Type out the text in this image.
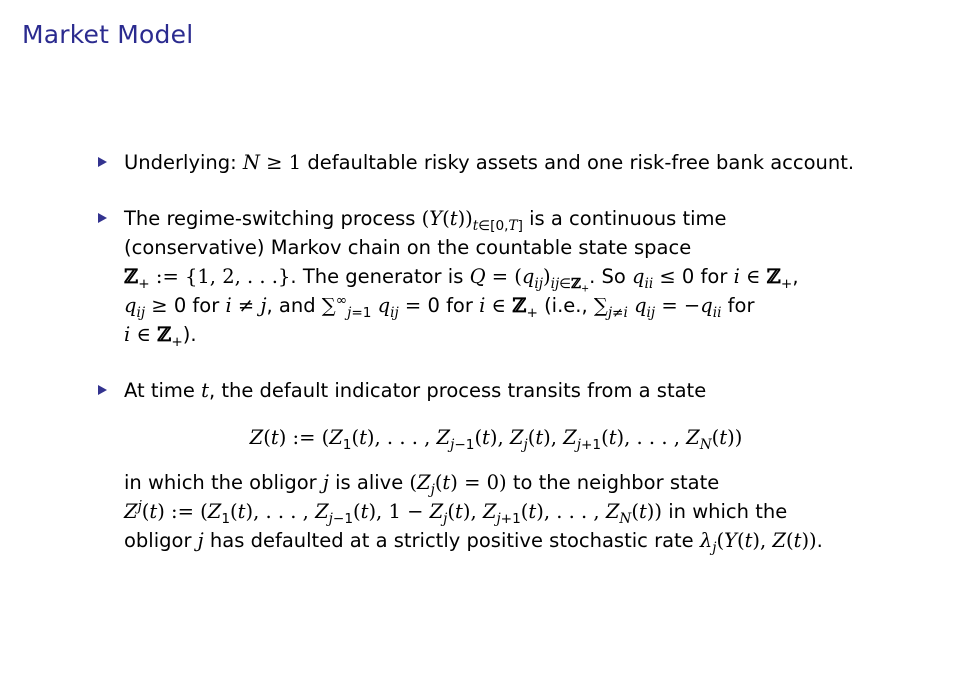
Market Model
Underlying: N ≥ 1 defaultable risky assets and one risk-free bank account.
The regime-switching process $(Y(t))_{t\in[0,T]}$ is a continuous time
(conservative) Markov chain on the countable state space
ℤ$_+$ := {1, 2, . . .}. The generator is $Q = (q_{ij})_{ij\in ℤ_+}$. So $q_{ii} \le 0$ for i ∈ ℤ$_+$,
$q_{ij} \ge 0$ for i ≠ j, and $\sum^\infty_{j=1}$ $q_{ij} = 0$ for i ∈ ℤ$_+$ (i.e., $\sum_{j\ne i}$ $q_{ij} = -q_{ii}$ for
i ∈ ℤ$_+$).
At time t, the default indicator process transits from a state
Z(t) := ($Z_1(t)$, . . . , $Z_{j-1}(t)$, $Z_j(t)$, $Z_{j+1}(t)$, . . . , $Z_N(t)$)
in which the obligor j is alive $(Z_j(t) = 0)$ to the neighbor state
$Z^j(t)$ := ($Z_1(t)$, . . . , $Z_{j-1}(t)$, $1 - Z_j(t)$, $Z_{j+1}(t)$, . . . , $Z_N(t)$) in which the
obligor j has defaulted at a strictly positive stochastic rate $\lambda_j(Y(t)$, Z(t)).
